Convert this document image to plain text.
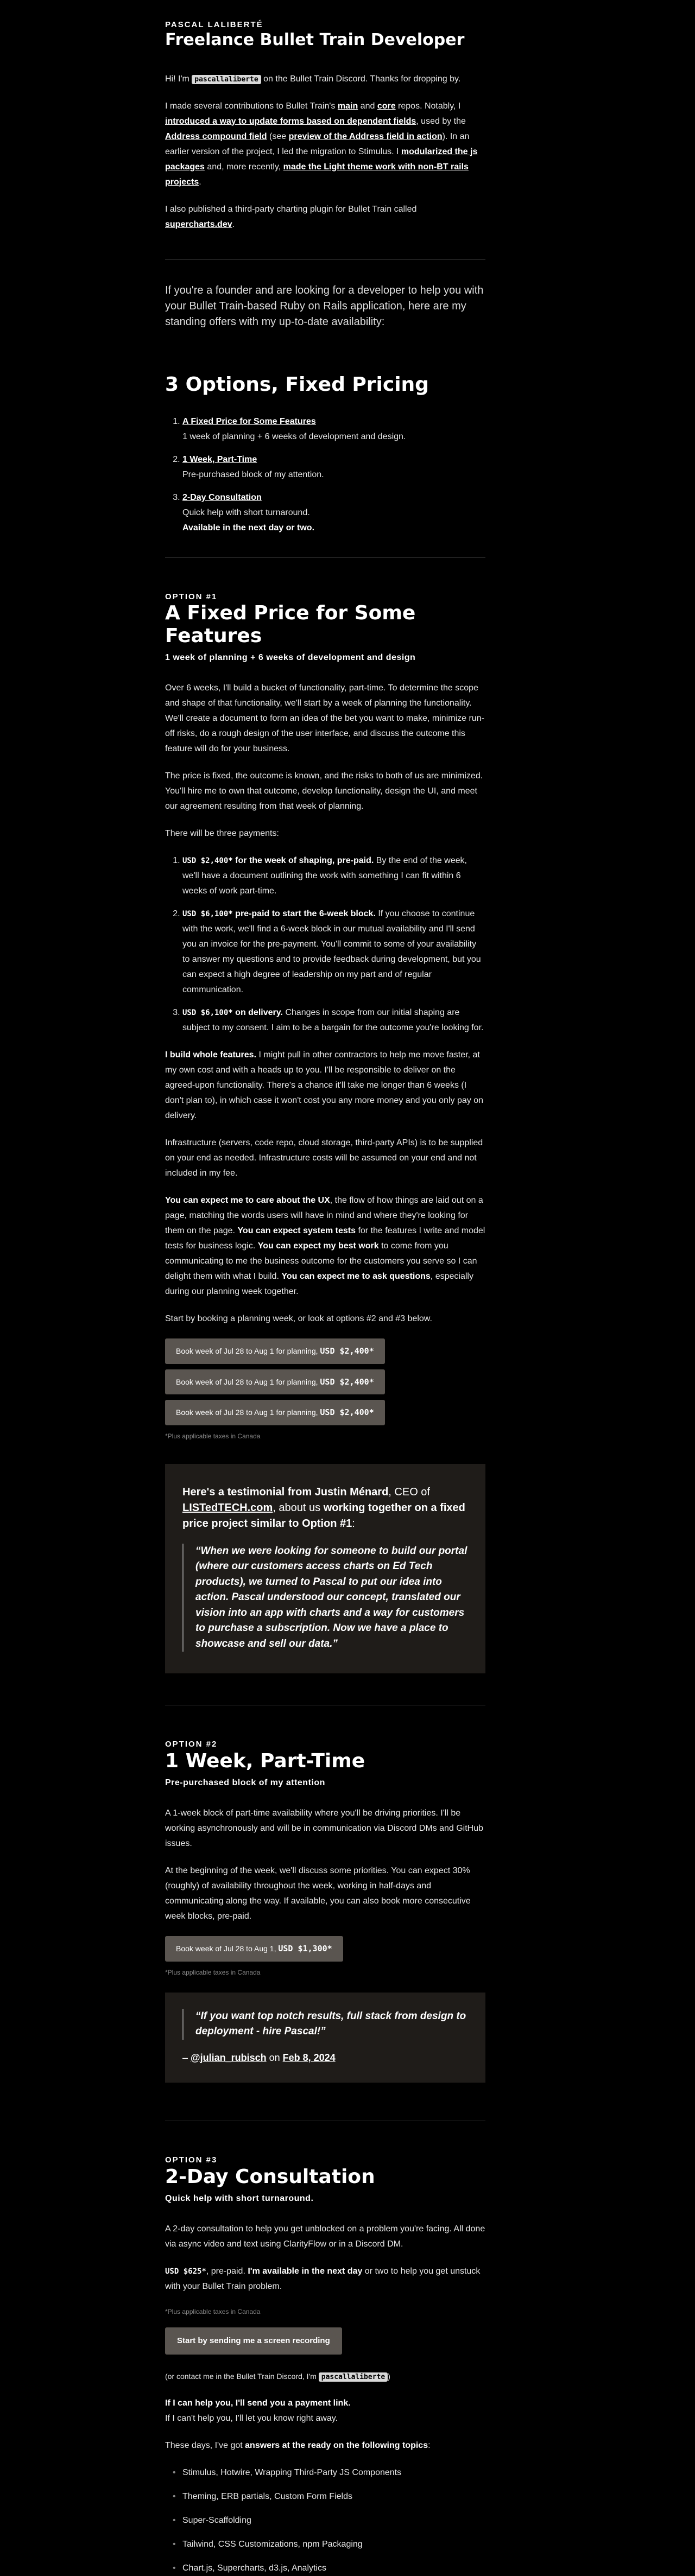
PASCAL LALIBERTÉ
Freelance Bullet Train Developer

Hi! I'm pascallaliberte on the Bullet Train Discord. Thanks for dropping by.

I made several contributions to Bullet Train's main and core repos. Notably, I introduced a way to update forms based on dependent fields, used by the Address compound field (see preview of the Address field in action). In an earlier version of the project, I led the migration to Stimulus. I modularized the js packages and, more recently, made the Light theme work with non-BT rails projects.

I also published a third-party charting plugin for Bullet Train called supercharts.dev.

If you're a founder and are looking for a developer to help you with your Bullet Train-based Ruby on Rails application, here are my standing offers with my up-to-date availability:
3 Options, Fixed Pricing
1. A Fixed Price for Some Features
1 week of planning + 6 weeks of development and design.
2. 1 Week, Part-Time
Pre-purchased block of my attention.
3. 2-Day Consultation
Quick help with short turnaround.
Available in the next day or two.
OPTION #1
A Fixed Price for Some Features
1 week of planning + 6 weeks of development and design

Over 6 weeks, I'll build a bucket of functionality, part-time. To determine the scope and shape of that functionality, we'll start by a week of planning the functionality. We'll create a document to form an idea of the bet you want to make, minimize run-off risks, do a rough design of the user interface, and discuss the outcome this feature will do for your business.

The price is fixed, the outcome is known, and the risks to both of us are minimized. You'll hire me to own that outcome, develop functionality, design the UI, and meet our agreement resulting from that week of planning.

There will be three payments:

1. USD $2,400* for the week of shaping, pre-paid. By the end of the week, we'll have a document outlining the work with something I can fit within 6 weeks of work part-time.
2. USD $6,100* pre-paid to start the 6-week block. If you choose to continue with the work, we'll find a 6-week block in our mutual availability and I'll send you an invoice for the pre-payment. You'll commit to some of your availability to answer my questions and to provide feedback during development, but you can expect a high degree of leadership on my part and of regular communication.
3. USD $6,100* on delivery. Changes in scope from our initial shaping are subject to my consent. I aim to be a bargain for the outcome you're looking for.

I build whole features. I might pull in other contractors to help me move faster, at my own cost and with a heads up to you. I'll be responsible to deliver on the agreed-upon functionality. There's a chance it'll take me longer than 6 weeks (I don't plan to), in which case it won't cost you any more money and you only pay on delivery.

Infrastructure (servers, code repo, cloud storage, third-party APIs) is to be supplied on your end as needed. Infrastructure costs will be assumed on your end and not included in my fee.

You can expect me to care about the UX, the flow of how things are laid out on a page, matching the words users will have in mind and where they're looking for them on the page. You can expect system tests for the features I write and model tests for business logic. You can expect my best work to come from you communicating to me the business outcome for the customers you serve so I can delight them with what I build. You can expect me to ask questions, especially during our planning week together.

Start by booking a planning week, or look at options #2 and #3 below.

Book week of Jul 28 to Aug 1 for planning, USD $2,400*
Book week of Jul 28 to Aug 1 for planning, USD $2,400*
Book week of Jul 28 to Aug 1 for planning, USD $2,400*
*Plus applicable taxes in Canada
Here's a testimonial from Justin Ménard, CEO of LISTedTECH.com, about us working together on a fixed price project similar to Option #1:
“When we were looking for someone to build our portal (where our customers access charts on Ed Tech products), we turned to Pascal to put our idea into action. Pascal understood our concept, translated our vision into an app with charts and a way for customers to purchase a subscription. Now we have a place to showcase and sell our data.”
OPTION #2
1 Week, Part-Time
Pre-purchased block of my attention

A 1-week block of part-time availability where you'll be driving priorities. I'll be working asynchronously and will be in communication via Discord DMs and GitHub issues.

At the beginning of the week, we'll discuss some priorities. You can expect 30% (roughly) of availability throughout the week, working in half-days and communicating along the way. If available, you can also book more consecutive week blocks, pre-paid.

Book week of Jul 28 to Aug 1, USD $1,300*
*Plus applicable taxes in Canada
“If you want top notch results, full stack from design to deployment - hire Pascal!”
– @julian_rubisch on Feb 8, 2024
OPTION #3
2-Day Consultation
Quick help with short turnaround.

A 2-day consultation to help you get unblocked on a problem you're facing. All done via async video and text using ClarityFlow or in a Discord DM.

USD $625*, pre-paid. I'm available in the next day or two to help you get unstuck with your Bullet Train problem.

*Plus applicable taxes in Canada
Start by sending me a screen recording
(or contact me in the Bullet Train Discord, I'm pascallaliberte )

If I can help you, I'll send you a payment link.
If I can't help you, I'll let you know right away.

These days, I've got answers at the ready on the following topics:

• Stimulus, Hotwire, Wrapping Third-Party JS Components
• Theming, ERB partials, Custom Form Fields
• Super-Scaffolding
• Tailwind, CSS Customizations, npm Packaging
• Chart.js, Supercharts, d3.js, Analytics
